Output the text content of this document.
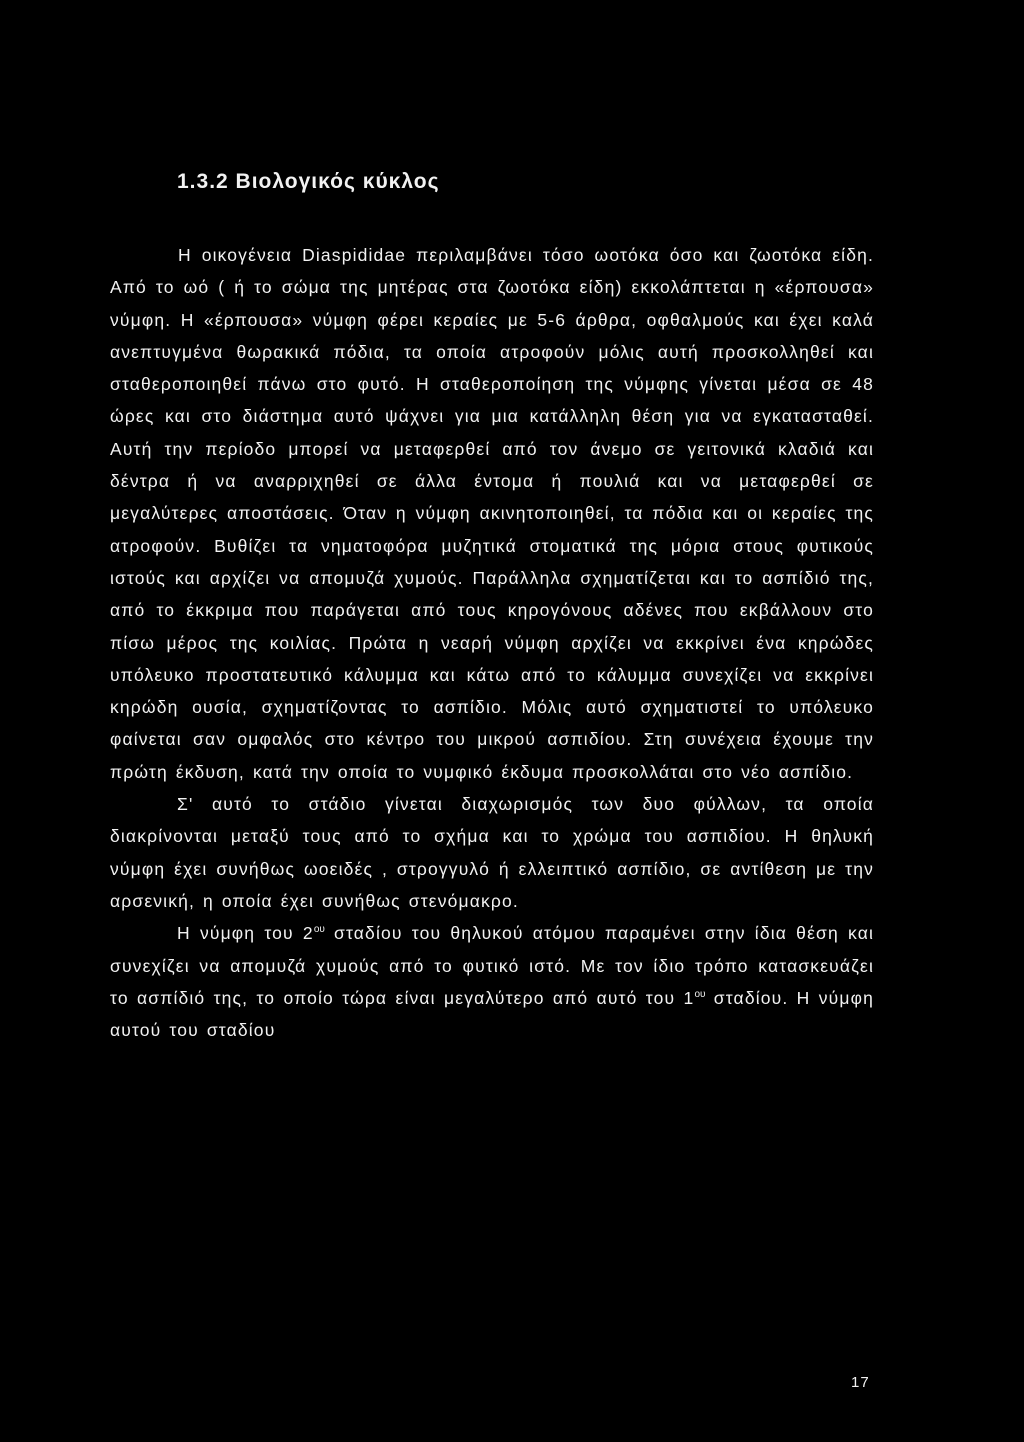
1.3.2 Βιολογικός κύκλος

Η οικογένεια Diaspididae περιλαμβάνει τόσο ωοτόκα όσο και ζωοτόκα είδη. Από το ωό ( ή το σώμα της μητέρας στα ζωοτόκα είδη) εκκολάπτεται η «έρπουσα» νύμφη. Η «έρπουσα» νύμφη φέρει κεραίες με 5-6 άρθρα, οφθαλμούς και έχει καλά ανεπτυγμένα θωρακικά πόδια, τα οποία ατροφούν μόλις αυτή προσκολληθεί και σταθεροποιηθεί πάνω στο φυτό. Η σταθεροποίηση της νύμφης γίνεται μέσα σε 48 ώρες και στο διάστημα αυτό ψάχνει για μια κατάλληλη θέση για να εγκατασταθεί. Αυτή την περίοδο μπορεί να μεταφερθεί από τον άνεμο σε γειτονικά κλαδιά και δέντρα ή να αναρριχηθεί σε άλλα έντομα ή πουλιά και να μεταφερθεί σε μεγαλύτερες αποστάσεις. Όταν η νύμφη ακινητοποιηθεί, τα πόδια και οι κεραίες της ατροφούν. Βυθίζει τα νηματοφόρα μυζητικά στοματικά της μόρια στους φυτικούς ιστούς και αρχίζει να απομυζά χυμούς. Παράλληλα σχηματίζεται και το ασπίδιό της, από το έκκριμα που παράγεται από τους κηρογόνους αδένες που εκβάλλουν στο πίσω μέρος της κοιλίας. Πρώτα η νεαρή νύμφη αρχίζει να εκκρίνει ένα κηρώδες υπόλευκο προστατευτικό κάλυμμα και κάτω από το κάλυμμα συνεχίζει να εκκρίνει κηρώδη ουσία, σχηματίζοντας το ασπίδιο. Μόλις αυτό σχηματιστεί το υπόλευκο φαίνεται σαν ομφαλός στο κέντρο του μικρού ασπιδίου. Στη συνέχεια έχουμε την πρώτη έκδυση, κατά την οποία το νυμφικό έκδυμα προσκολλάται στο νέο ασπίδιο.

Σ' αυτό το στάδιο γίνεται διαχωρισμός των δυο φύλλων, τα οποία διακρίνονται μεταξύ τους από το σχήμα και το χρώμα του ασπιδίου. Η θηλυκή νύμφη έχει συνήθως ωοειδές , στρογγυλό ή ελλειπτικό ασπίδιο, σε αντίθεση με την αρσενική, η οποία έχει συνήθως στενόμακρο.

Η νύμφη του $2^{o\upsilon}$ σταδίου του θηλυκού ατόμου παραμένει στην ίδια θέση και συνεχίζει να απομυζά χυμούς από το φυτικό ιστό. Με τον ίδιο τρόπο κατασκευάζει το ασπίδιό της, το οποίο τώρα είναι μεγαλύτερο από αυτό του $1^{o\upsilon}$ σταδίου. Η νύμφη αυτού του σταδίου

17
